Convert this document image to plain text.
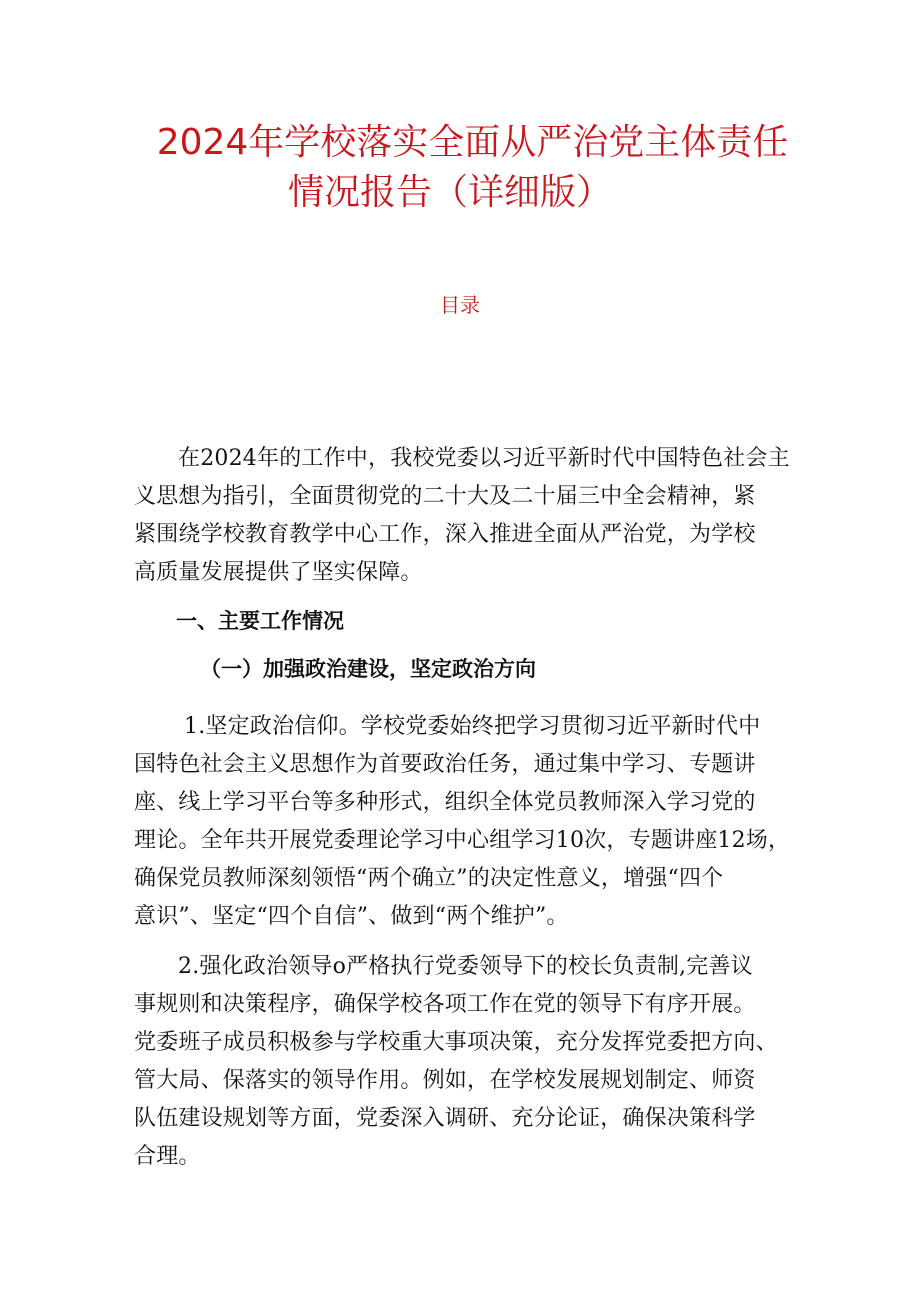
2024年学校落实全面从严治党主体责任
情况报告（详细版）
目录
在2024年的工作中，我校党委以习近平新时代中国特色社会主
义思想为指引，全面贯彻党的二十大及二十届三中全会精神，紧
紧围绕学校教育教学中心工作，深入推进全面从严治党，为学校
高质量发展提供了坚实保障。
一、主要工作情况
（一）加强政治建设，坚定政治方向
1.坚定政治信仰。学校党委始终把学习贯彻习近平新时代中
国特色社会主义思想作为首要政治任务，通过集中学习、专题讲
座、线上学习平台等多种形式，组织全体党员教师深入学习党的
理论。全年共开展党委理论学习中心组学习10次，专题讲座12场，
确保党员教师深刻领悟“两个确立”的决定性意义，增强“四个
意识”、坚定“四个自信”、做到“两个维护”。
2.强化政治领导o严格执行党委领导下的校长负责制,完善议
事规则和决策程序，确保学校各项工作在党的领导下有序开展。
党委班子成员积极参与学校重大事项决策，充分发挥党委把方向、
管大局、保落实的领导作用。例如，在学校发展规划制定、师资
队伍建设规划等方面，党委深入调研、充分论证，确保决策科学
合理。
